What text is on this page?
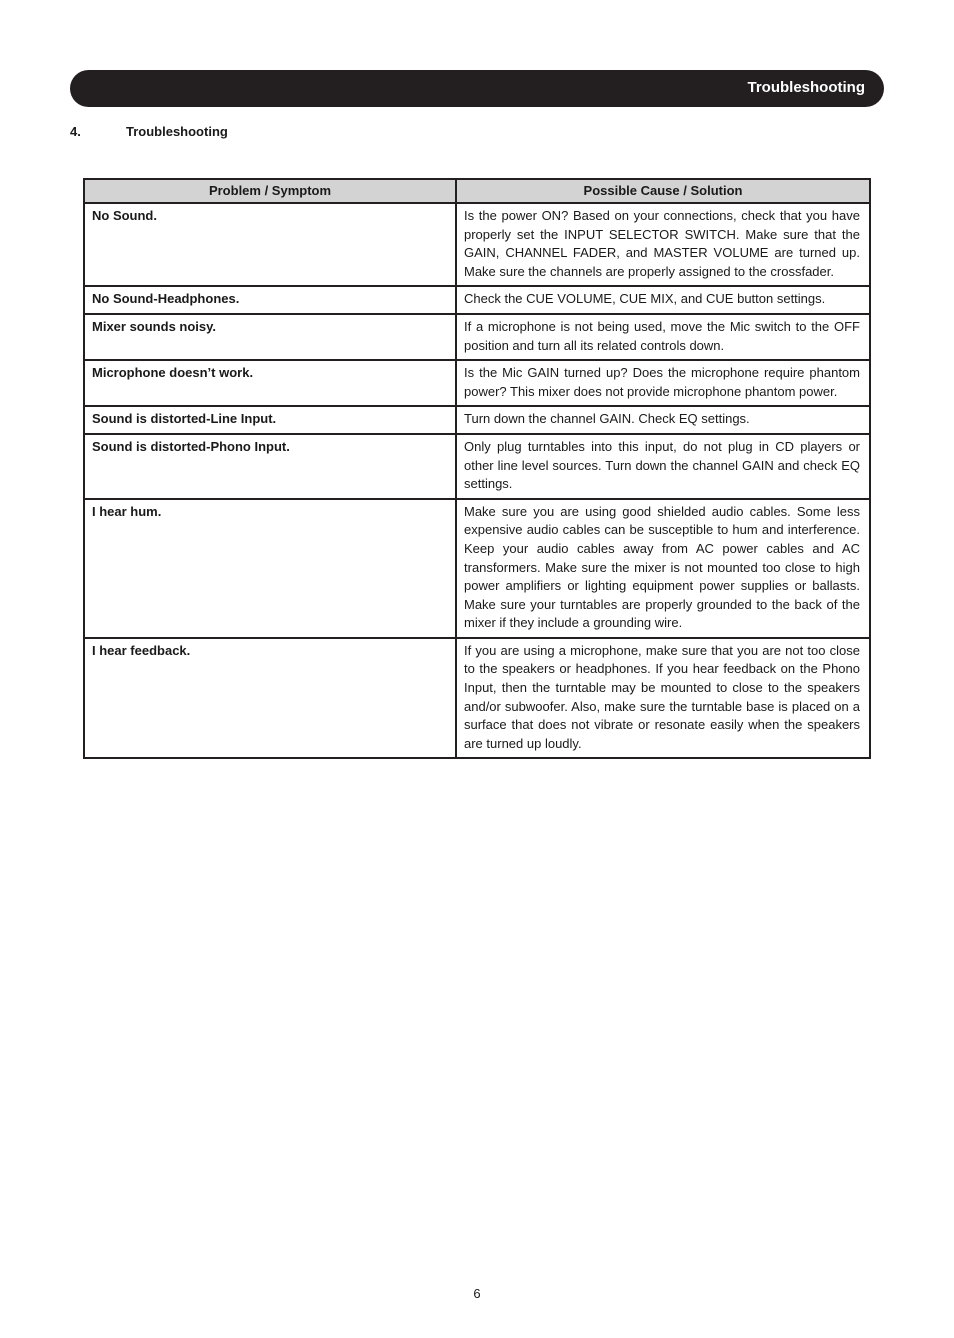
Troubleshooting
4.	Troubleshooting
Problem / Symptom	Possible Cause / Solution
No Sound.	Is the power ON? Based on your connections, check that you have properly set the INPUT SELECTOR SWITCH. Make sure that the GAIN, CHANNEL FADER, and MASTER VOLUME are turned up. Make sure the channels are properly assigned to the crossfader.
No Sound-Headphones.	Check the CUE VOLUME, CUE MIX, and CUE button settings.
Mixer sounds noisy.	If a microphone is not being used, move the Mic switch to the OFF position and turn all its related controls down.
Microphone doesn’t work.	Is the Mic GAIN turned up? Does the microphone require phantom power? This mixer does not provide microphone phantom power.
Sound is distorted-Line Input.	Turn down the channel GAIN. Check EQ settings.
Sound is distorted-Phono Input.	Only plug turntables into this input, do not plug in CD players or other line level sources. Turn down the channel GAIN and check EQ settings.
I hear hum.	Make sure you are using good shielded audio cables. Some less expensive audio cables can be susceptible to hum and interference. Keep your audio cables away from AC power cables and AC transformers. Make sure the mixer is not mounted too close to high power amplifiers or lighting equipment power supplies or ballasts. Make sure your turntables are properly grounded to the back of the mixer if they include a grounding wire.
I hear feedback.	If you are using a microphone, make sure that you are not too close to the speakers or headphones. If you hear feedback on the Phono Input, then the turntable may be mounted to close to the speakers and/or subwoofer. Also, make sure the turntable base is placed on a surface that does not vibrate or resonate easily when the speakers are turned up loudly.
6
